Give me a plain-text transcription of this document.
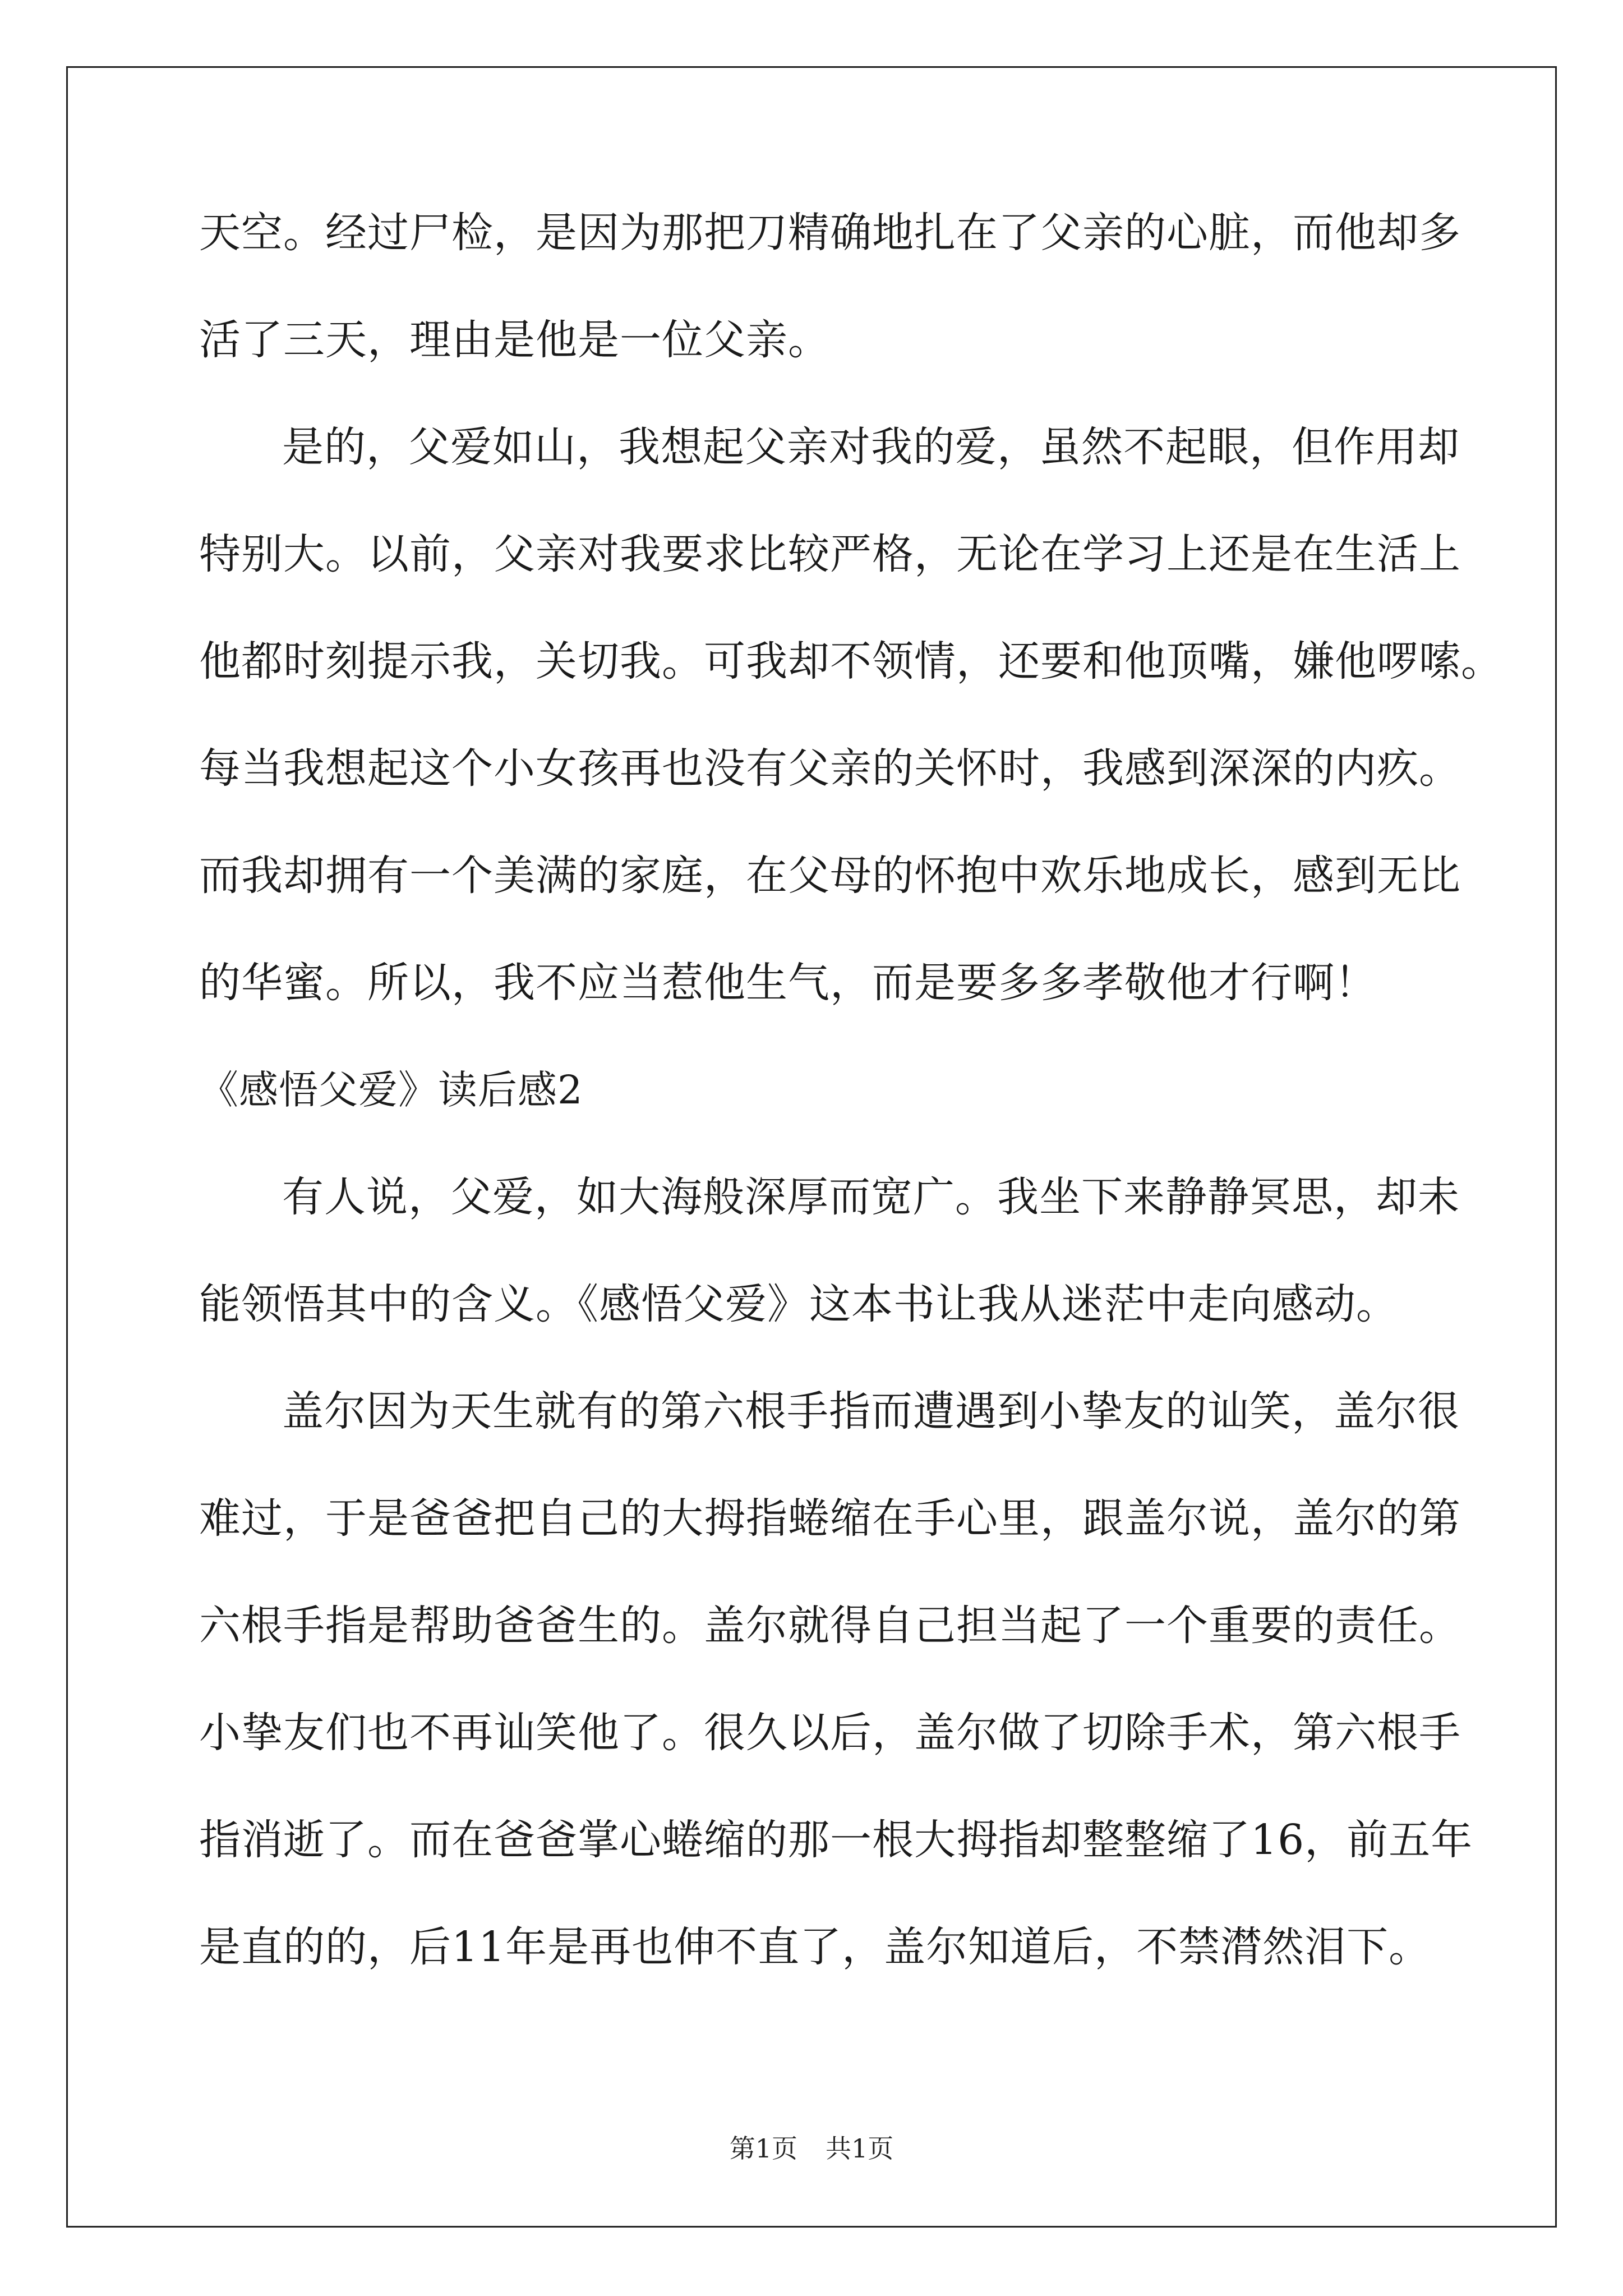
天空。经过尸检，是因为那把刀精确地扎在了父亲的心脏，而他却多
活了三天，理由是他是一位父亲。
是的，父爱如山，我想起父亲对我的爱，虽然不起眼，但作用却
特别大。以前，父亲对我要求比较严格，无论在学习上还是在生活上
他都时刻提示我，关切我。可我却不领情，还要和他顶嘴，嫌他啰嗦。
每当我想起这个小女孩再也没有父亲的关怀时，我感到深深的内疚。
而我却拥有一个美满的家庭，在父母的怀抱中欢乐地成长，感到无比
的华蜜。所以，我不应当惹他生气，而是要多多孝敬他才行啊！
《感悟父爱》读后感2
有人说，父爱，如大海般深厚而宽广。我坐下来静静冥思，却未
能领悟其中的含义。《感悟父爱》这本书让我从迷茫中走向感动。
盖尔因为天生就有的第六根手指而遭遇到小挚友的讪笑，盖尔很
难过，于是爸爸把自己的大拇指蜷缩在手心里，跟盖尔说，盖尔的第
六根手指是帮助爸爸生的。盖尔就得自己担当起了一个重要的责任。
小挚友们也不再讪笑他了。很久以后，盖尔做了切除手术，第六根手
指消逝了。而在爸爸掌心蜷缩的那一根大拇指却整整缩了16，前五年
是直的的，后11年是再也伸不直了，盖尔知道后，不禁潸然泪下。
第1页 共1页
